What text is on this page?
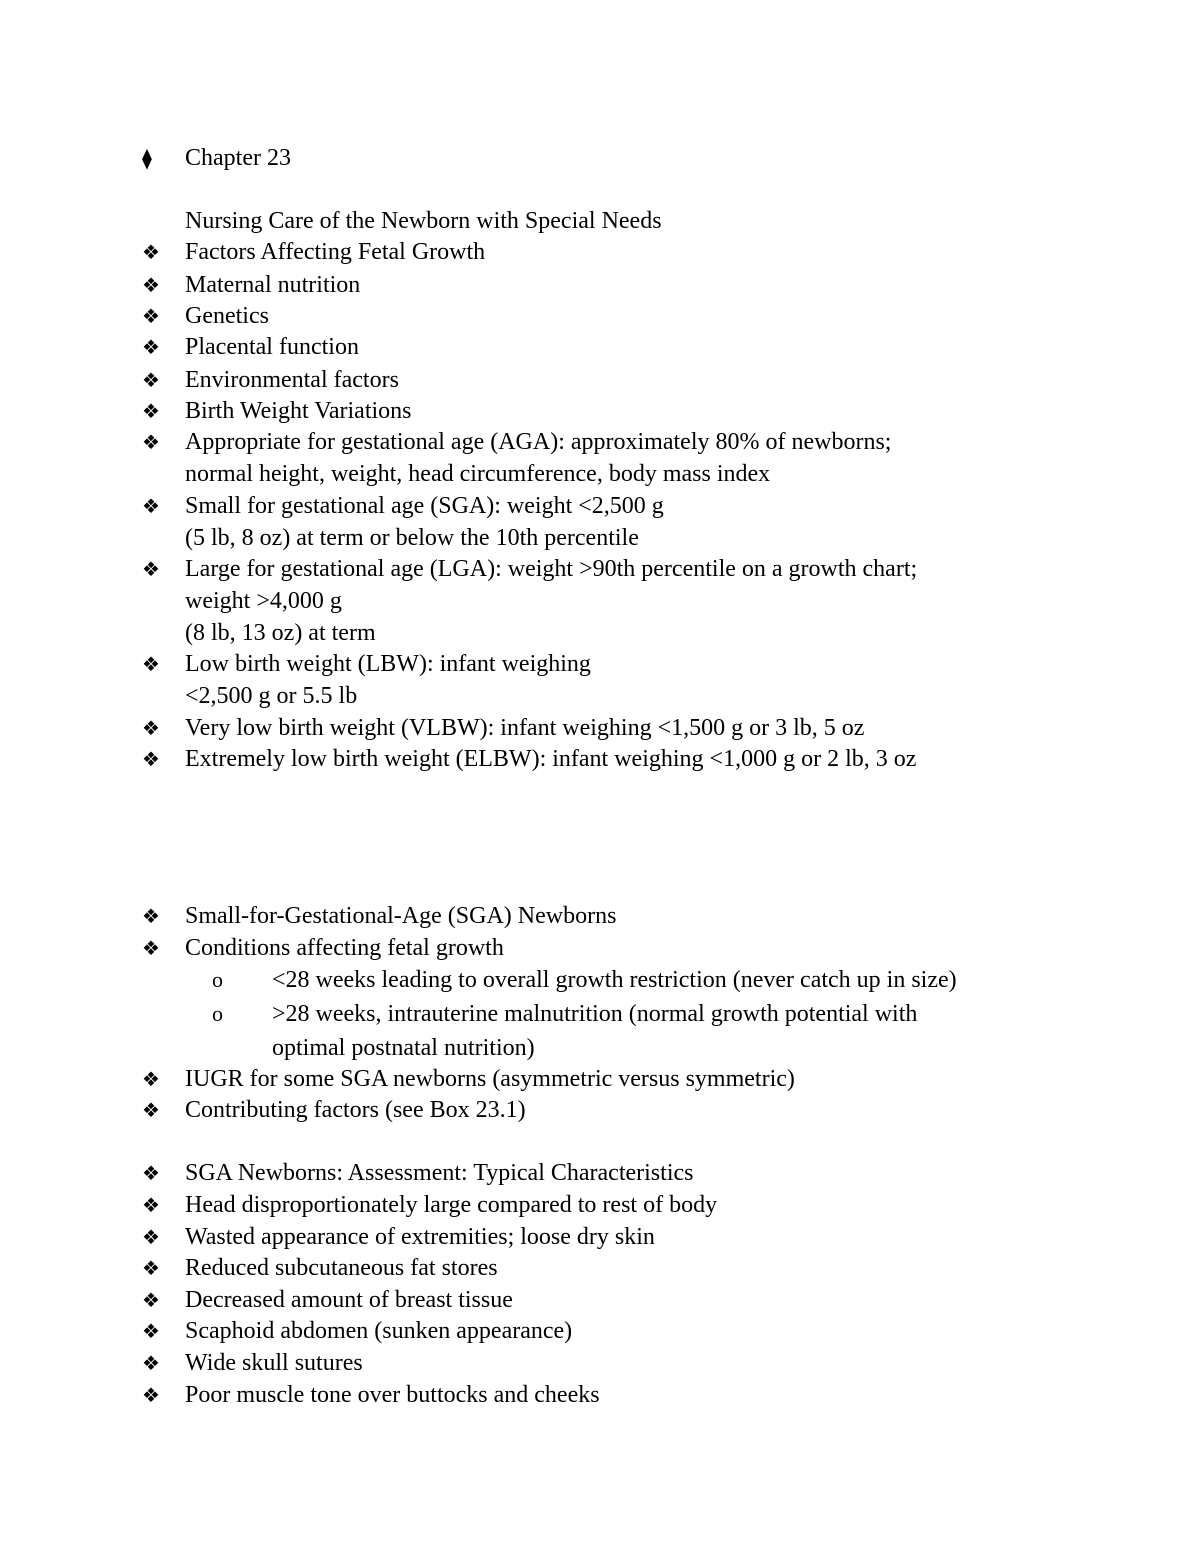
⧫ Chapter 23
Nursing Care of the Newborn with Special Needs
❖ Factors Affecting Fetal Growth
❖ Maternal nutrition
❖ Genetics
❖ Placental function
❖ Environmental factors
❖ Birth Weight Variations
❖ Appropriate for gestational age (AGA): approximately 80% of newborns;
normal height, weight, head circumference, body mass index
❖ Small for gestational age (SGA): weight <2,500 g
(5 lb, 8 oz) at term or below the 10th percentile
❖ Large for gestational age (LGA): weight >90th percentile on a growth chart;
weight >4,000 g
(8 lb, 13 oz) at term
❖ Low birth weight (LBW): infant weighing
<2,500 g or 5.5 lb
❖ Very low birth weight (VLBW): infant weighing <1,500 g or 3 lb, 5 oz
❖ Extremely low birth weight (ELBW): infant weighing <1,000 g or 2 lb, 3 oz
❖ Small-for-Gestational-Age (SGA) Newborns
❖ Conditions affecting fetal growth
o <28 weeks leading to overall growth restriction (never catch up in size)
o >28 weeks, intrauterine malnutrition (normal growth potential with
optimal postnatal nutrition)
❖ IUGR for some SGA newborns (asymmetric versus symmetric)
❖ Contributing factors (see Box 23.1)
❖ SGA Newborns: Assessment: Typical Characteristics
❖ Head disproportionately large compared to rest of body
❖ Wasted appearance of extremities; loose dry skin
❖ Reduced subcutaneous fat stores
❖ Decreased amount of breast tissue
❖ Scaphoid abdomen (sunken appearance)
❖ Wide skull sutures
❖ Poor muscle tone over buttocks and cheeks
